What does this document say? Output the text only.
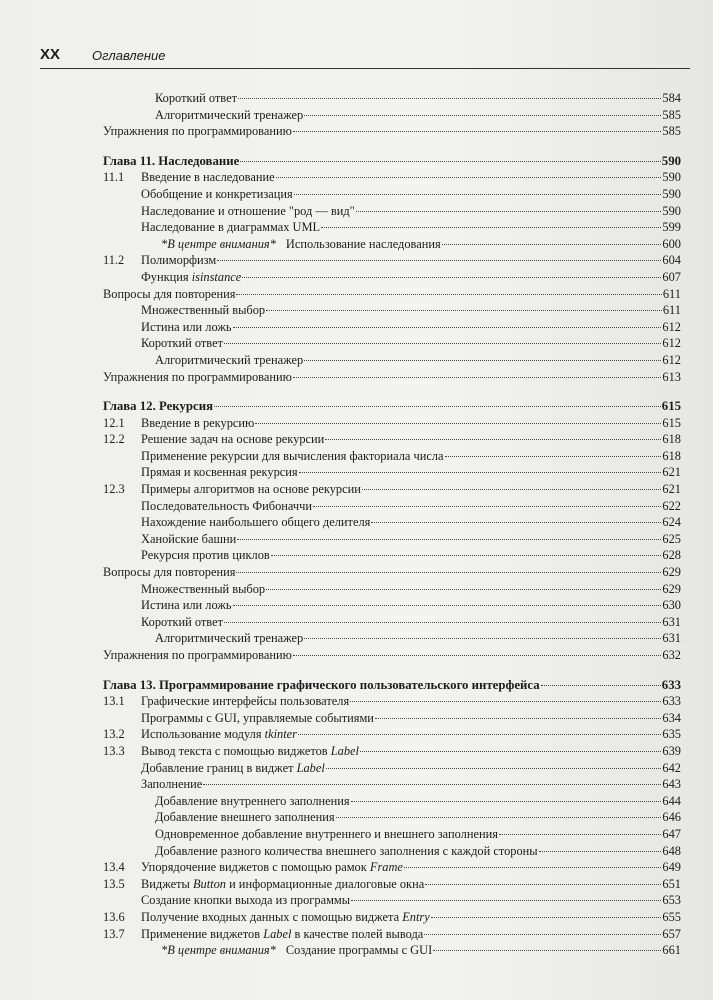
XX Оглавление
Короткий ответ	584
Алгоритмический тренажер	585
Упражнения по программированию	585
Глава 11. Наследование	590
11.1	Введение в наследование	590
Обобщение и конкретизация	590
Наследование и отношение "род — вид"	590
Наследование в диаграммах UML	599
*В центре внимания* Использование наследования	600
11.2	Полиморфизм	604
Функция isinstance	607
Вопросы для повторения	611
Множественный выбор	611
Истина или ложь	612
Короткий ответ	612
Алгоритмический тренажер	612
Упражнения по программированию	613
Глава 12. Рекурсия	615
12.1	Введение в рекурсию	615
12.2	Решение задач на основе рекурсии	618
Применение рекурсии для вычисления факториала числа	618
Прямая и косвенная рекурсия	621
12.3	Примеры алгоритмов на основе рекурсии	621
Последовательность Фибоначчи	622
Нахождение наибольшего общего делителя	624
Ханойские башни	625
Рекурсия против циклов	628
Вопросы для повторения	629
Множественный выбор	629
Истина или ложь	630
Короткий ответ	631
Алгоритмический тренажер	631
Упражнения по программированию	632
Глава 13. Программирование графического пользовательского интерфейса	633
13.1	Графические интерфейсы пользователя	633
Программы с GUI, управляемые событиями	634
13.2	Использование модуля tkinter	635
13.3	Вывод текста с помощью виджетов Label	639
Добавление границ в виджет Label	642
Заполнение	643
Добавление внутреннего заполнения	644
Добавление внешнего заполнения	646
Одновременное добавление внутреннего и внешнего заполнения	647
Добавление разного количества внешнего заполнения с каждой стороны	648
13.4	Упорядочение виджетов с помощью рамок Frame	649
13.5	Виджеты Button и информационные диалоговые окна	651
Создание кнопки выхода из программы	653
13.6	Получение входных данных с помощью виджета Entry	655
13.7	Применение виджетов Label в качестве полей вывода	657
*В центре внимания* Создание программы с GUI	661
